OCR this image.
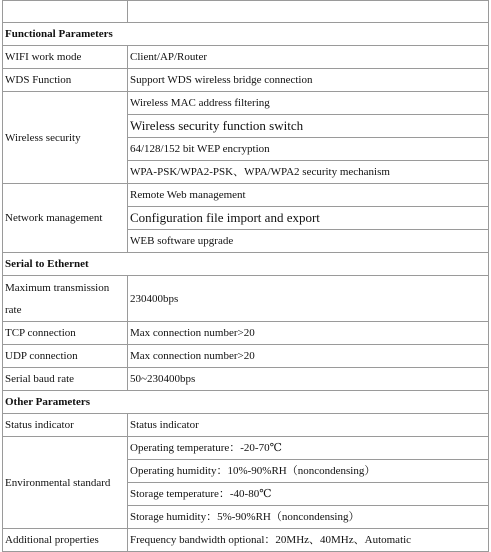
Functional Parameters	
WIFI work mode	Client/AP/Router
WDS Function	Support WDS wireless bridge connection
Wireless security	Wireless MAC address filtering
	Wireless security function switch
	64/128/152 bit WEP encryption
	WPA-PSK/WPA2-PSK、WPA/WPA2 security mechanism
Network management	Remote Web management
	Configuration file import and export
	WEB software upgrade
Serial to Ethernet	
Maximum transmission rate	230400bps
TCP connection	Max connection number>20
UDP connection	Max connection number>20
Serial baud rate	50~230400bps
Other Parameters	
Status indicator	Status indicator
Environmental standard	Operating temperature：-20-70℃
	Operating humidity：10%-90%RH（noncondensing）
	Storage temperature：-40-80℃
	Storage humidity：5%-90%RH（noncondensing）
Additional properties	Frequency bandwidth optional：20MHz、40MHz、Automatic
